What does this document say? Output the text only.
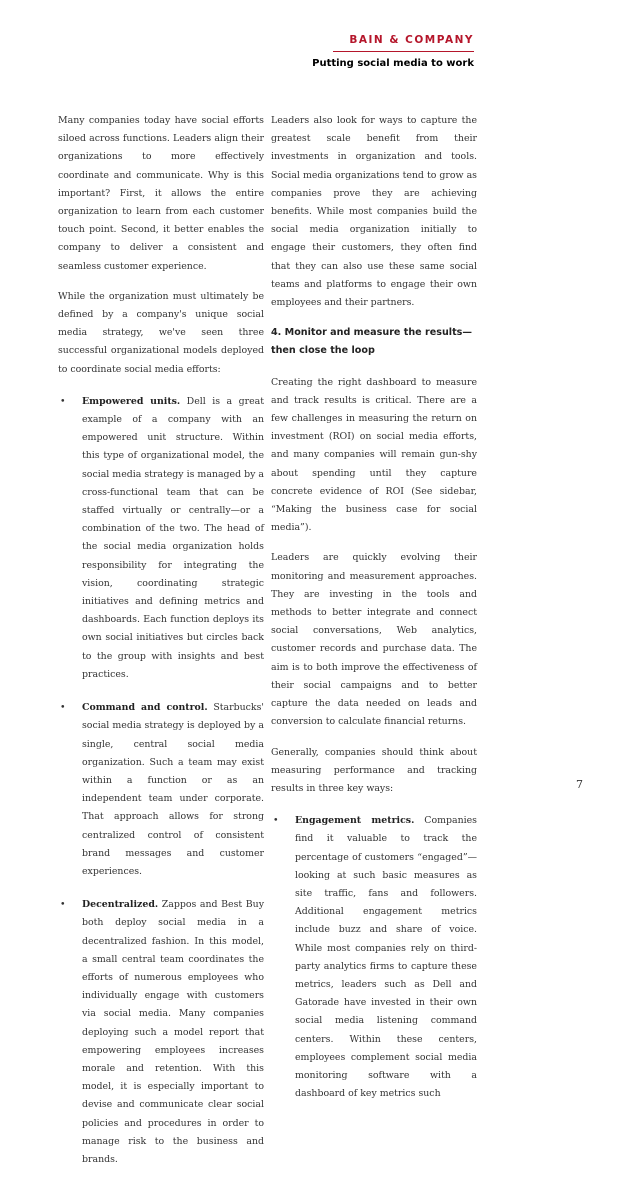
BAIN & COMPANY
Putting social media to work

Many companies today have social efforts siloed across functions. Leaders align their organizations to more effectively coordinate and communicate. Why is this important? First, it allows the entire organization to learn from each customer touch point. Second, it better enables the company to deliver a consistent and seamless customer experience.

While the organization must ultimately be defined by a company's unique social media strategy, we've seen three successful organizational models deployed to coordinate social media efforts:

• Empowered units. Dell is a great example of a company with an empowered unit structure. Within this type of organizational model, the social media strategy is managed by a cross-functional team that can be staffed virtually or centrally—or a combination of the two. The head of the social media organization holds responsibility for integrating the vision, coordinating strategic initiatives and defining metrics and dashboards. Each function deploys its own social initiatives but circles back to the group with insights and best practices.
• Command and control. Starbucks' social media strategy is deployed by a single, central social media organization. Such a team may exist within a function or as an independent team under corporate. That approach allows for strong centralized control of consistent brand messages and customer experiences.
• Decentralized. Zappos and Best Buy both deploy social media in a decentralized fashion. In this model, a small central team coordinates the efforts of numerous employees who individually engage with customers via social media. Many companies deploying such a model report that empowering employees increases morale and retention. With this model, it is especially important to devise and communicate clear social policies and procedures in order to manage risk to the business and brands.

Leaders also look for ways to capture the greatest scale benefit from their investments in organization and tools. Social media organizations tend to grow as companies prove they are achieving benefits. While most companies build the social media organization initially to engage their customers, they often find that they can also use these same social teams and platforms to engage their own employees and their partners.

4. Monitor and measure the results—then close the loop

Creating the right dashboard to measure and track results is critical. There are a few challenges in measuring the return on investment (ROI) on social media efforts, and many companies will remain gun-shy about spending until they capture concrete evidence of ROI (See sidebar, “Making the business case for social media”).

Leaders are quickly evolving their monitoring and measurement approaches. They are investing in the tools and methods to better integrate and connect social conversations, Web analytics, customer records and purchase data. The aim is to both improve the effectiveness of their social campaigns and to better capture the data needed on leads and conversion to calculate financial returns.

Generally, companies should think about measuring performance and tracking results in three key ways:

• Engagement metrics. Companies find it valuable to track the percentage of customers “engaged”—looking at such basic measures as site traffic, fans and followers. Additional engagement metrics include buzz and share of voice. While most companies rely on third-party analytics firms to capture these metrics, leaders such as Dell and Gatorade have invested in their own social media listening command centers. Within these centers, employees complement social media monitoring software with a dashboard of key metrics such
7
